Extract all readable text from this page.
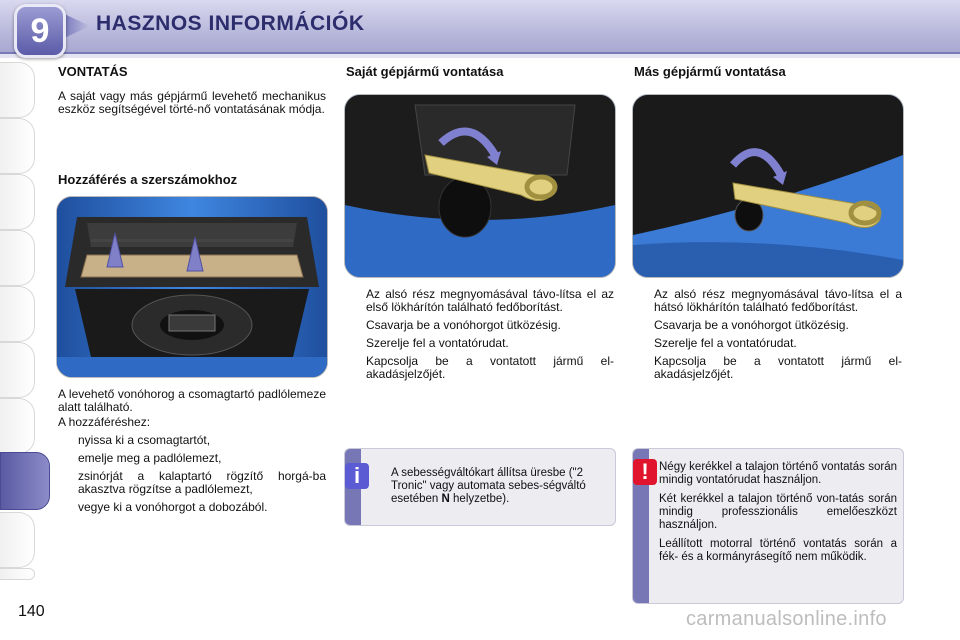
9	HASZNOS INFORMÁCIÓK
VONTATÁS

A saját vagy más gépjármű levehető mechanikus eszköz segítségével törté-nő vontatásának módja.

Hozzáférés a szerszámokhoz

A levehető vonóhorog a csomagtartó padlólemeze alatt található.

A hozzáféréshez:

nyissa ki a csomagtartót,
emelje meg a padlólemezt,
zsinórját a kalaptartó rögzítő horgá-ba akasztva rögzítse a padlólemezt,
vegye ki a vonóhorgot a dobozából.
Saját gépjármű vontatása
Az alsó rész megnyomásával távo-lítsa el az első lökhárítón található fedőborítást.
Csavarja be a vonóhorgot ütközésig.
Szerelje fel a vontatórudat.
Kapcsolja be a vontatott jármű el-akadásjelzőjét.
i	A sebességváltókart állítsa üresbe ("2 Tronic" vagy automata sebes-ségváltó esetében N helyzetbe).
Más gépjármű vontatása
Az alsó rész megnyomásával távo-lítsa el a hátsó lökhárítón található fedőborítást.
Csavarja be a vonóhorgot ütközésig.
Szerelje fel a vontatórudat.
Kapcsolja be a vontatott jármű el-akadásjelzőjét.
! Négy kerékkel a talajon történő vontatás során mindig vontatórudat használjon.

Két kerékkel a talajon történő von-tatás során mindig professzionális emelőeszközt használjon.

Leállított motorral történő vontatás során a fék- és a kormányrásegítő nem működik.

140	carmanualsonline.info
